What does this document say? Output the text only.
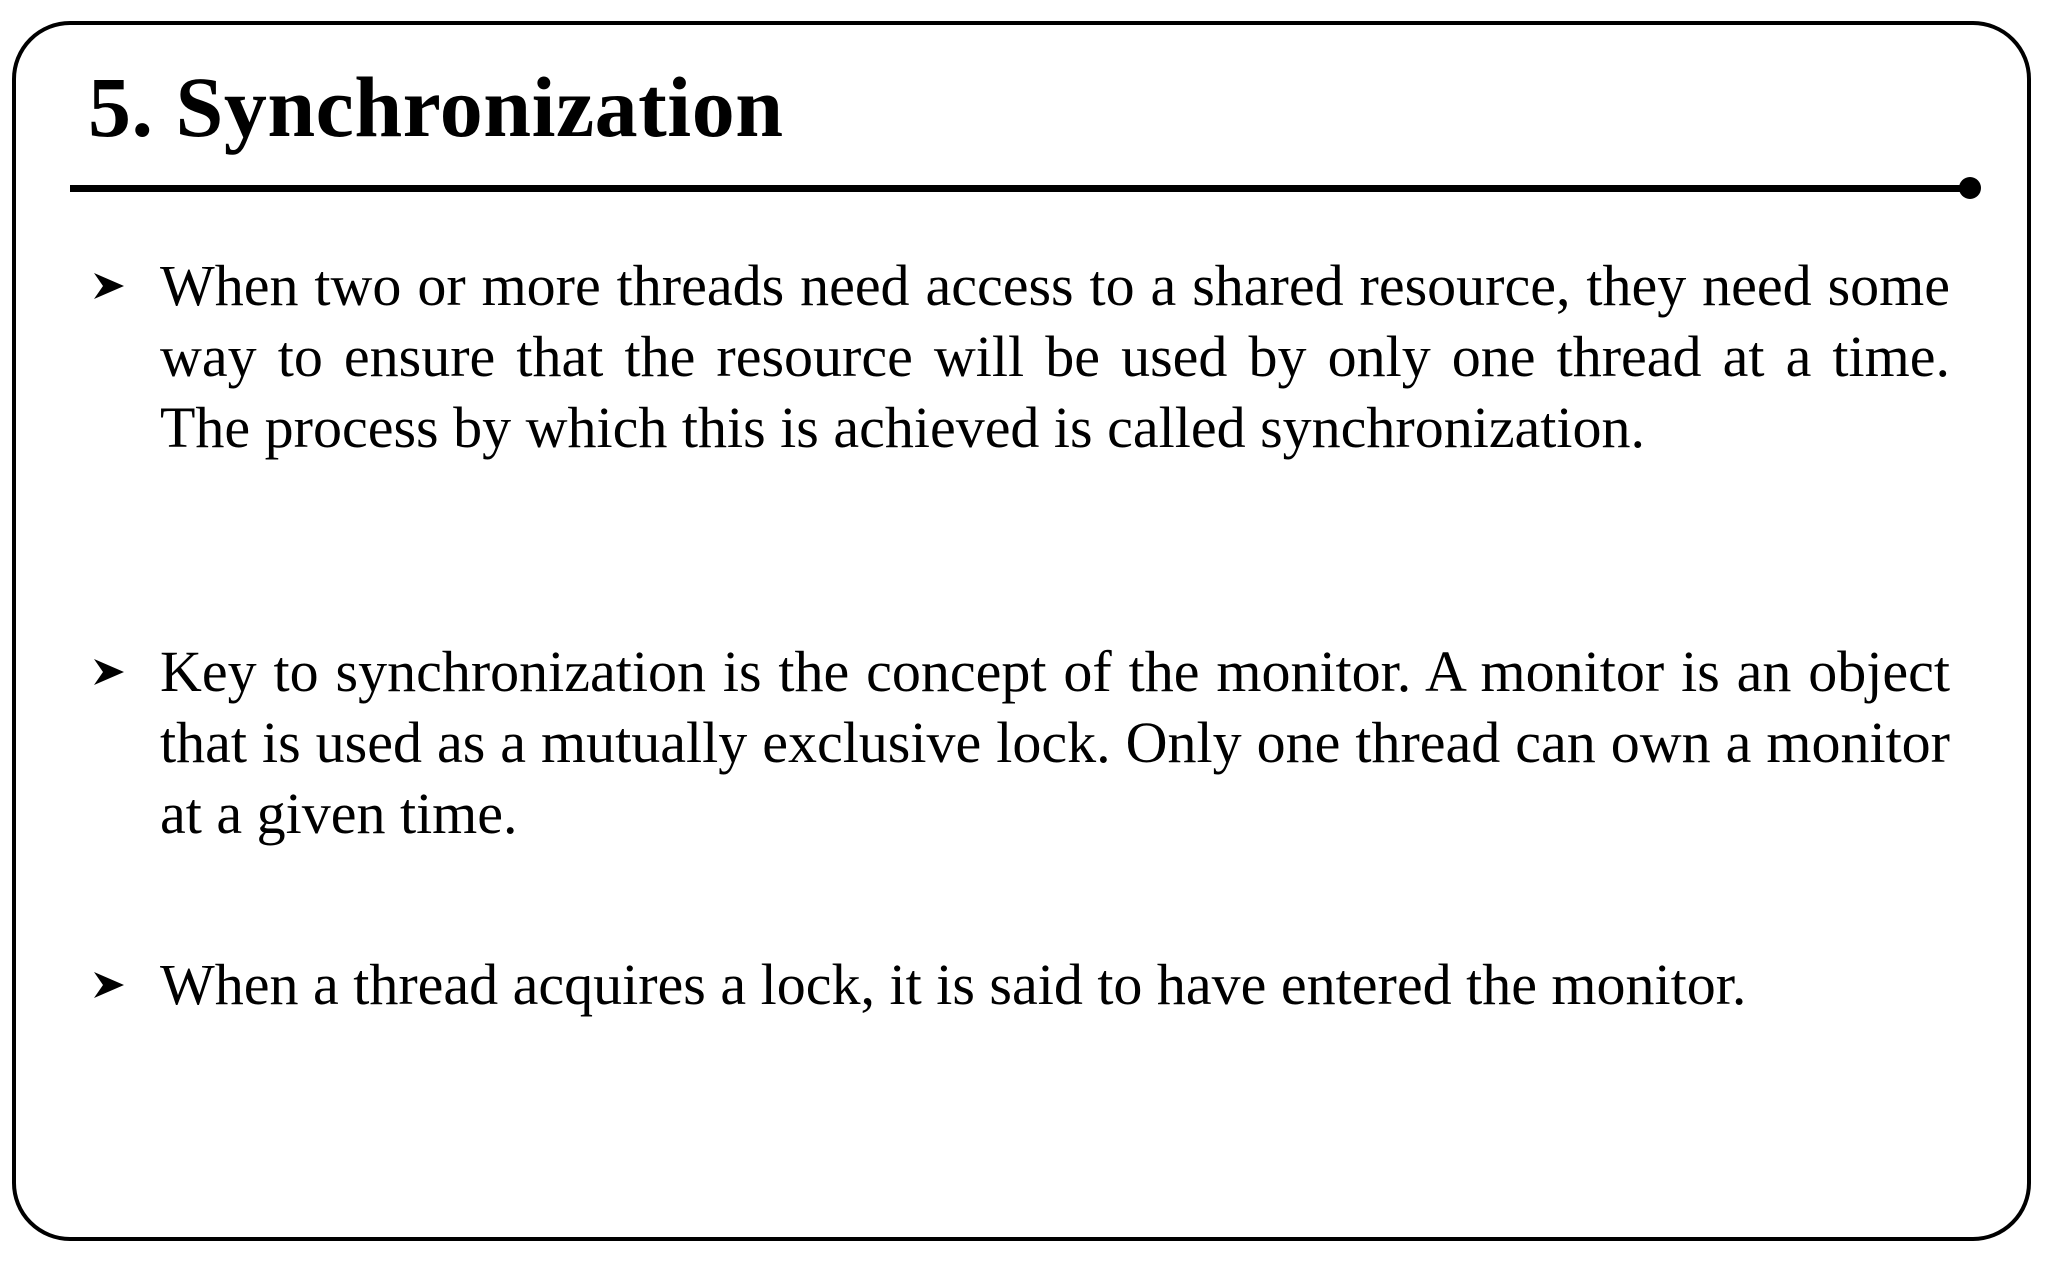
5. Synchronization

When two or more threads need access to a shared resource, they need some way to ensure that the resource will be used by only one thread at a time. The process by which this is achieved is called synchronization.

Key to synchronization is the concept of the monitor. A monitor is an object that is used as a mutually exclusive lock. Only one thread can own a monitor at a given time.

When a thread acquires a lock, it is said to have entered the monitor.
